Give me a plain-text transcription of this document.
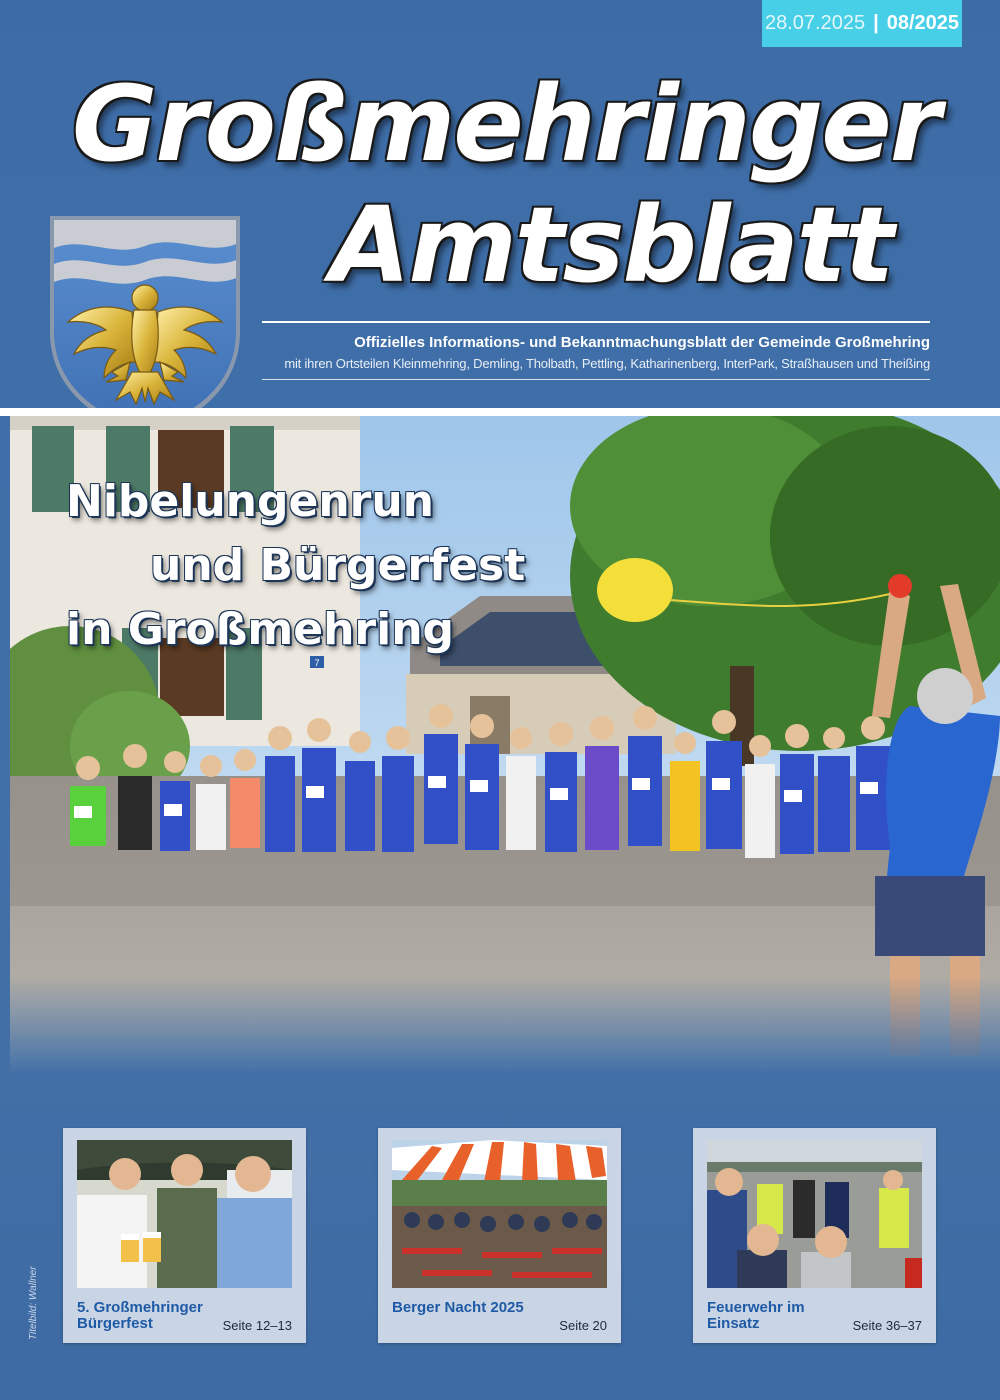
28.07.2025 | 08/2025
Großmehringer
Amtsblatt
Offizielles Informations- und Bekanntmachungsblatt der Gemeinde Großmehring
mit ihren Ortsteilen Kleinmehring, Demling, Tholbath, Pettling, Katharinenberg, InterPark, Straßhausen und Theißing
7
Nibelungenrun
und Bürgerfest
in Großmehring
5. Großmehringer Bürgerfest	Seite 12–13
Berger Nacht 2025
Seite 20
Feuerwehr im Einsatz	Seite 36–37
Titelbild: Wallner
